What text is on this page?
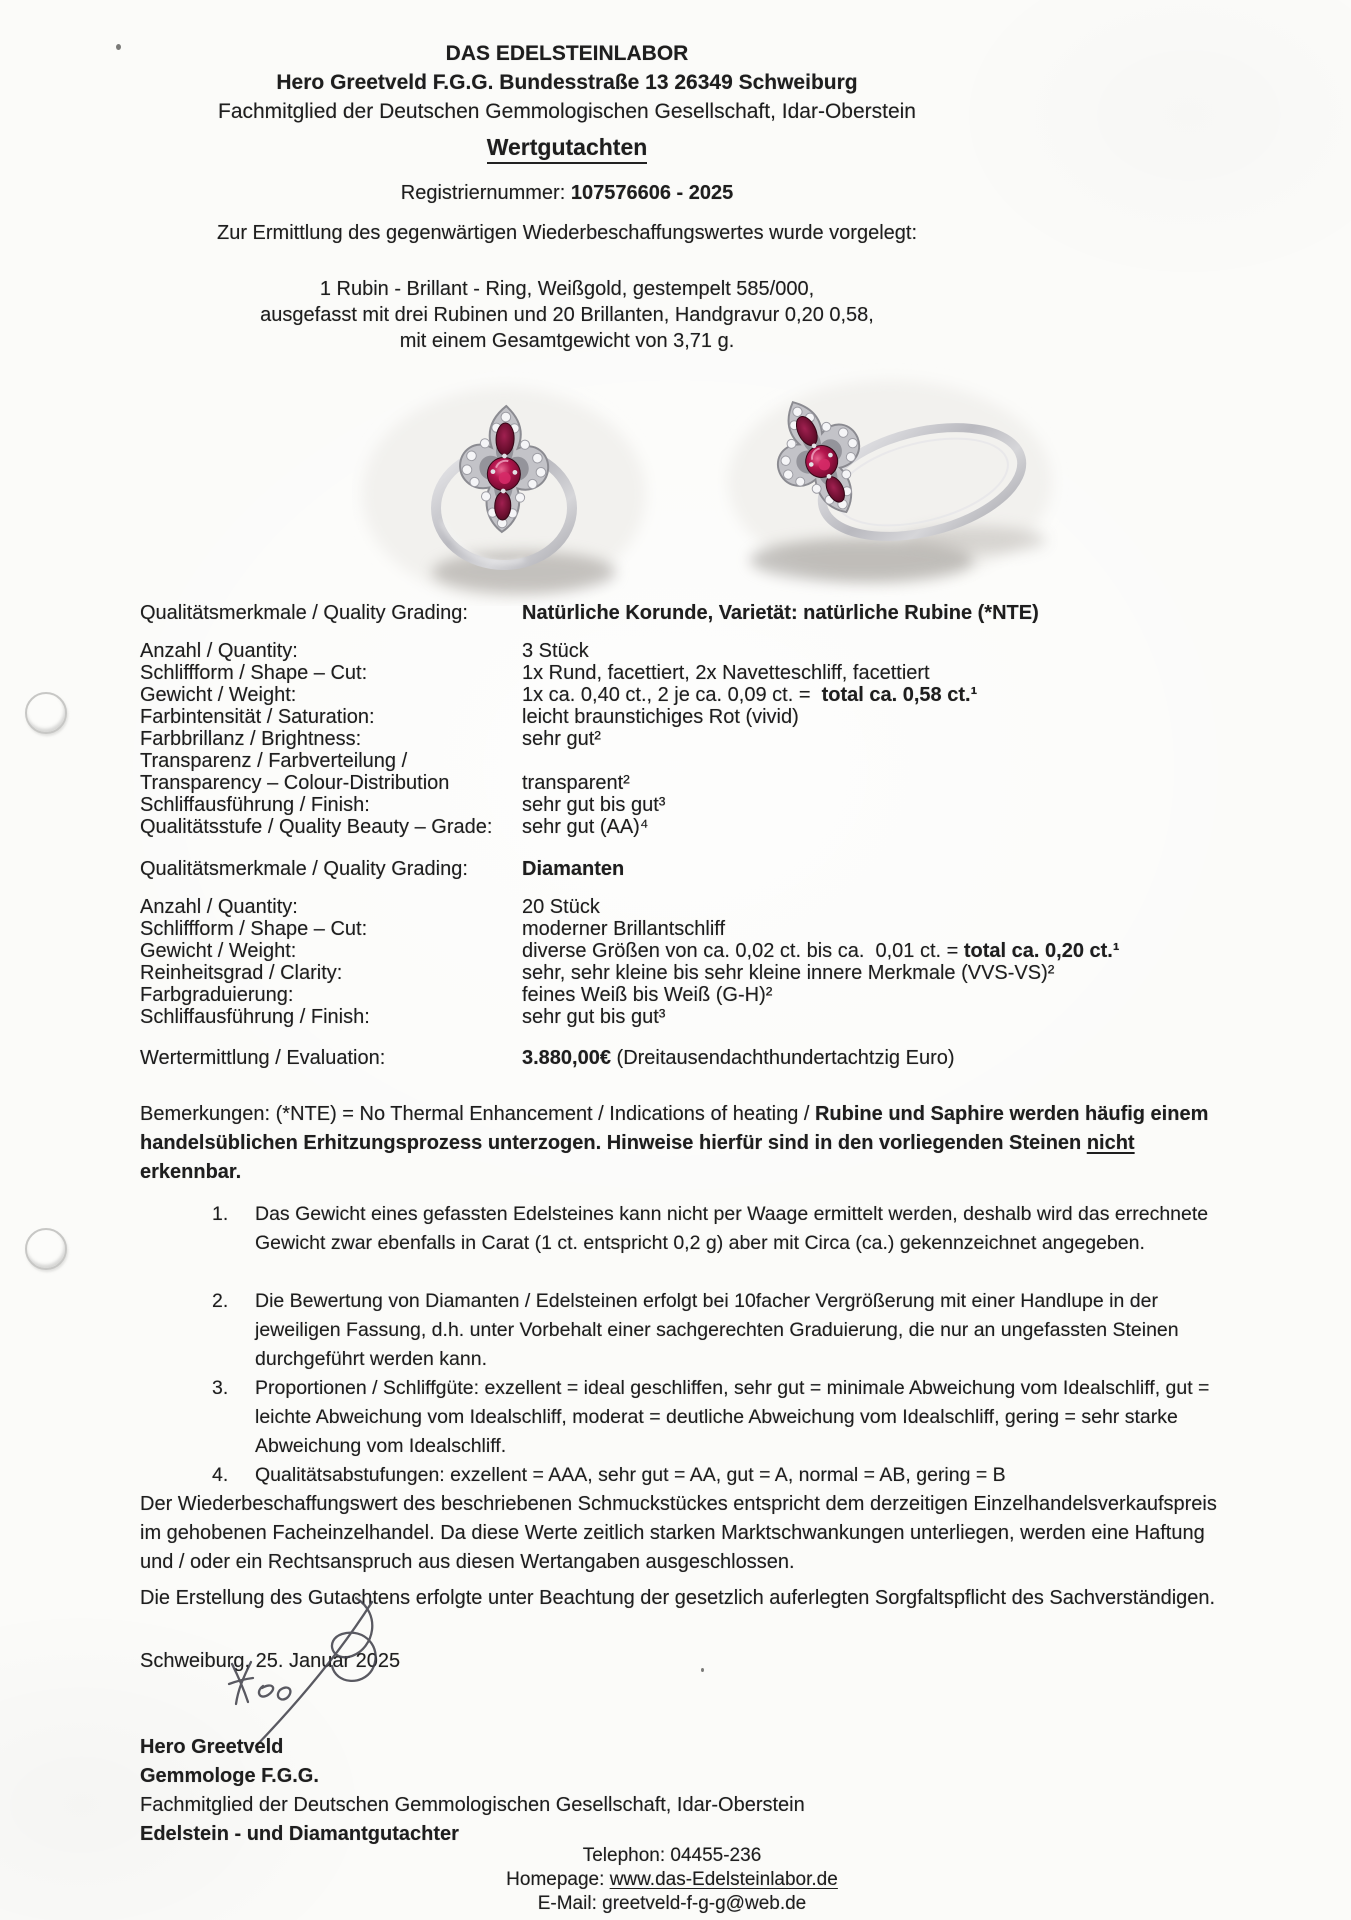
DAS EDELSTEINLABOR
Hero Greetveld F.G.G. Bundesstraße 13 26349 Schweiburg
Fachmitglied der Deutschen Gemmologischen Gesellschaft, Idar-Oberstein
Wertgutachten
Registriernummer: 107576606 - 2025
Zur Ermittlung des gegenwärtigen Wiederbeschaffungswertes wurde vorgelegt:
1 Rubin - Brillant - Ring, Weißgold, gestempelt 585/000,
ausgefasst mit drei Rubinen und 20 Brillanten, Handgravur 0,20 0,58,
mit einem Gesamtgewicht von 3,71 g.
Qualitätsmerkmale / Quality Grading:	Natürliche Korunde, Varietät: natürliche Rubine (*NTE)
Anzahl / Quantity:	3 Stück
Schliffform / Shape – Cut:	1x Rund, facettiert, 2x Navetteschliff, facettiert
Gewicht / Weight:	1x ca. 0,40 ct., 2 je ca. 0,09 ct. =  total ca. 0,58 ct.¹
Farbintensität / Saturation:	leicht braunstichiges Rot (vivid)
Farbbrillanz / Brightness:	sehr gut²
Transparenz / Farbverteilung /
Transparency – Colour-Distribution	transparent²
Schliffausführung / Finish:	sehr gut bis gut³
Qualitätsstufe / Quality Beauty – Grade: sehr gut (AA)⁴
Qualitätsmerkmale / Quality Grading:	Diamanten
Anzahl / Quantity:	20 Stück
Schliffform / Shape – Cut:	moderner Brillantschliff
Gewicht / Weight:	diverse Größen von ca. 0,02 ct. bis ca.  0,01 ct. = total ca. 0,20 ct.¹
Reinheitsgrad / Clarity:	sehr, sehr kleine bis sehr kleine innere Merkmale (VVS-VS)²
Farbgraduierung:	feines Weiß bis Weiß (G-H)²
Schliffausführung / Finish:	sehr gut bis gut³
Wertermittlung / Evaluation:	3.880,00€ (Dreitausendachthundertachtzig Euro)
Bemerkungen: (*NTE) = No Thermal Enhancement / Indications of heating / Rubine und Saphire werden häufig einem handelsüblichen Erhitzungsprozess unterzogen. Hinweise hierfür sind in den vorliegenden Steinen nicht erkennbar.
1. Das Gewicht eines gefassten Edelsteines kann nicht per Waage ermittelt werden, deshalb wird das errechnete Gewicht zwar ebenfalls in Carat (1 ct. entspricht 0,2 g) aber mit Circa (ca.) gekennzeichnet angegeben.
2. Die Bewertung von Diamanten / Edelsteinen erfolgt bei 10facher Vergrößerung mit einer Handlupe in der jeweiligen Fassung, d.h. unter Vorbehalt einer sachgerechten Graduierung, die nur an ungefassten Steinen durchgeführt werden kann.
3. Proportionen / Schliffgüte: exzellent = ideal geschliffen, sehr gut = minimale Abweichung vom Idealschliff, gut = leichte Abweichung vom Idealschliff, moderat = deutliche Abweichung vom Idealschliff, gering = sehr starke Abweichung vom Idealschliff.
4. Qualitätsabstufungen: exzellent = AAA, sehr gut = AA, gut = A, normal = AB, gering = B
Der Wiederbeschaffungswert des beschriebenen Schmuckstückes entspricht dem derzeitigen Einzelhandelsverkaufspreis im gehobenen Facheinzelhandel. Da diese Werte zeitlich starken Marktschwankungen unterliegen, werden eine Haftung und / oder ein Rechtsanspruch aus diesen Wertangaben ausgeschlossen.
Die Erstellung des Gutachtens erfolgte unter Beachtung der gesetzlich auferlegten Sorgfaltspflicht des Sachverständigen.
Schweiburg, 25. Januar 2025
Hero Greetveld
Gemmologe F.G.G.
Fachmitglied der Deutschen Gemmologischen Gesellschaft, Idar-Oberstein
Edelstein - und Diamantgutachter
Telephon: 04455-236
Homepage: www.das-Edelsteinlabor.de
E-Mail: greetveld-f-g-g@web.de
